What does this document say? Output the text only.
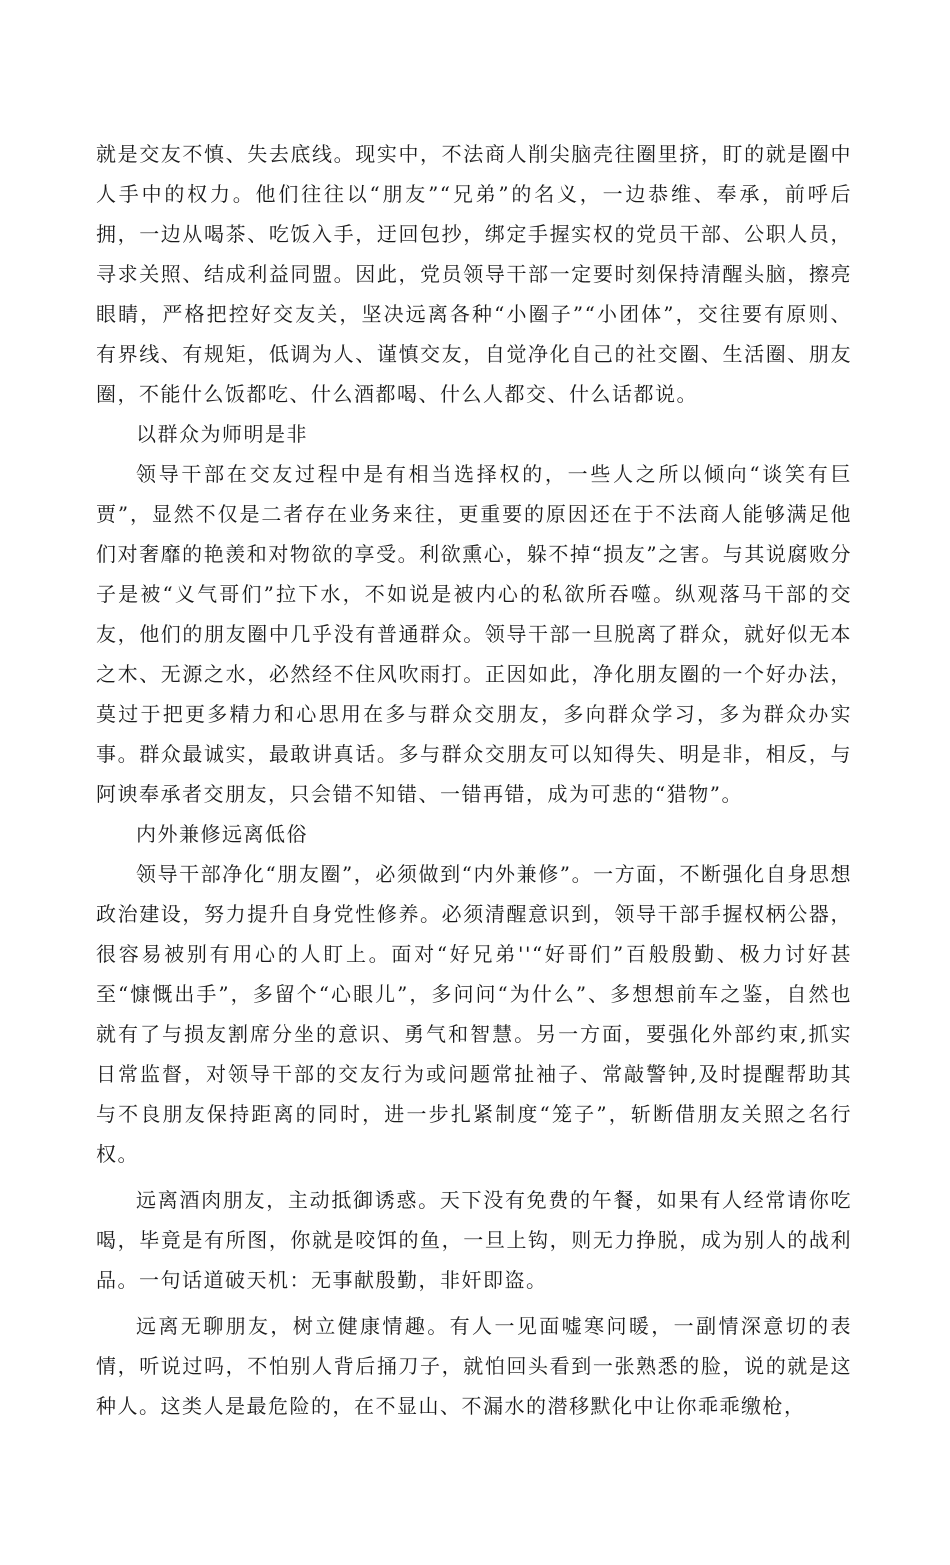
就是交友不慎、失去底线。现实中，不法商人削尖脑壳往圈里挤，盯的就是圈中人手中的权力。他们往往以“朋友”“兄弟”的名义，一边恭维、奉承，前呼后拥，一边从喝茶、吃饭入手，迂回包抄，绑定手握实权的党员干部、公职人员，寻求关照、结成利益同盟。因此，党员领导干部一定要时刻保持清醒头脑，擦亮眼睛，严格把控好交友关，坚决远离各种“小圈子”“小团体”，交往要有原则、有界线、有规矩，低调为人、谨慎交友，自觉净化自己的社交圈、生活圈、朋友圈，不能什么饭都吃、什么酒都喝、什么人都交、什么话都说。

以群众为师明是非

领导干部在交友过程中是有相当选择权的，一些人之所以倾向“谈笑有巨贾”，显然不仅是二者存在业务来往，更重要的原因还在于不法商人能够满足他们对奢靡的艳羡和对物欲的享受。利欲熏心，躲不掉“损友”之害。与其说腐败分子是被“义气哥们”拉下水，不如说是被内心的私欲所吞噬。纵观落马干部的交友，他们的朋友圈中几乎没有普通群众。领导干部一旦脱离了群众，就好似无本之木、无源之水，必然经不住风吹雨打。正因如此，净化朋友圈的一个好办法，莫过于把更多精力和心思用在多与群众交朋友，多向群众学习，多为群众办实事。群众最诚实，最敢讲真话。多与群众交朋友可以知得失、明是非，相反，与阿谀奉承者交朋友，只会错不知错、一错再错，成为可悲的“猎物”。

内外兼修远离低俗

领导干部净化“朋友圈”，必须做到“内外兼修”。一方面，不断强化自身思想政治建设，努力提升自身党性修养。必须清醒意识到，领导干部手握权柄公器，很容易被别有用心的人盯上。面对“好兄弟''“好哥们”百般殷勤、极力讨好甚至“慷慨出手”，多留个“心眼儿”，多问问“为什么”、多想想前车之鉴，自然也就有了与损友割席分坐的意识、勇气和智慧。另一方面，要强化外部约束,抓实日常监督，对领导干部的交友行为或问题常扯袖子、常敲警钟,及时提醒帮助其与不良朋友保持距离的同时，进一步扎紧制度“笼子”，斩断借朋友关照之名行权。

远离酒肉朋友，主动抵御诱惑。天下没有免费的午餐，如果有人经常请你吃喝，毕竟是有所图，你就是咬饵的鱼，一旦上钩，则无力挣脱，成为别人的战利品。一句话道破天机：无事献殷勤，非奸即盗。

远离无聊朋友，树立健康情趣。有人一见面嘘寒问暖，一副情深意切的表情，听说过吗，不怕别人背后捅刀子，就怕回头看到一张熟悉的脸，说的就是这种人。这类人是最危险的，在不显山、不漏水的潜移默化中让你乖乖缴枪，
